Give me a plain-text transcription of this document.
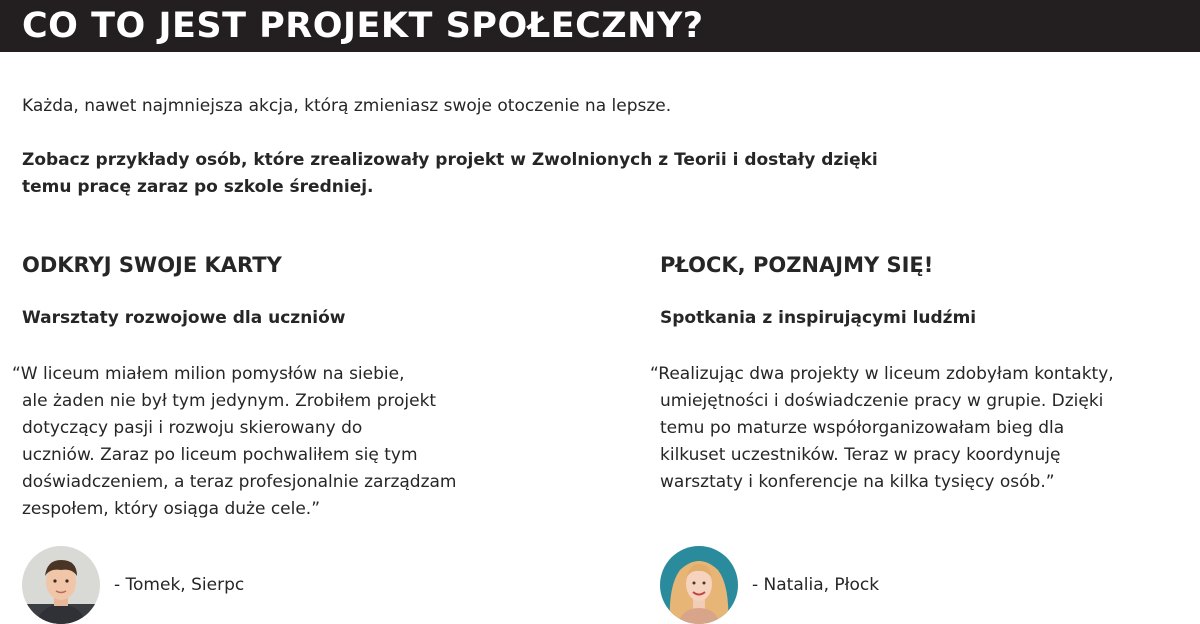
CO TO JEST PROJEKT SPOŁECZNY?
Każda, nawet najmniejsza akcja, którą zmieniasz swoje otoczenie na lepsze.
Zobacz przykłady osób, które zrealizowały projekt w Zwolnionych z Teorii i dostały dzięki
temu pracę zaraz po szkole średniej.
ODKRYJ SWOJE KARTY
Warsztaty rozwojowe dla uczniów
“W liceum miałem milion pomysłów na siebie,
ale żaden nie był tym jedynym. Zrobiłem projekt
dotyczący pasji i rozwoju skierowany do
uczniów. Zaraz po liceum pochwaliłem się tym
doświadczeniem, a teraz profesjonalnie zarządzam
zespołem, który osiąga duże cele.”
- Tomek, Sierpc
PŁOCK, POZNAJMY SIĘ!
Spotkania z inspirującymi ludźmi
“Realizując dwa projekty w liceum zdobyłam kontakty,
umiejętności i doświadczenie pracy w grupie. Dzięki
temu po maturze współorganizowałam bieg dla
kilkuset uczestników. Teraz w pracy koordynuję
warsztaty i konferencje na kilka tysięcy osób.”
- Natalia, Płock
